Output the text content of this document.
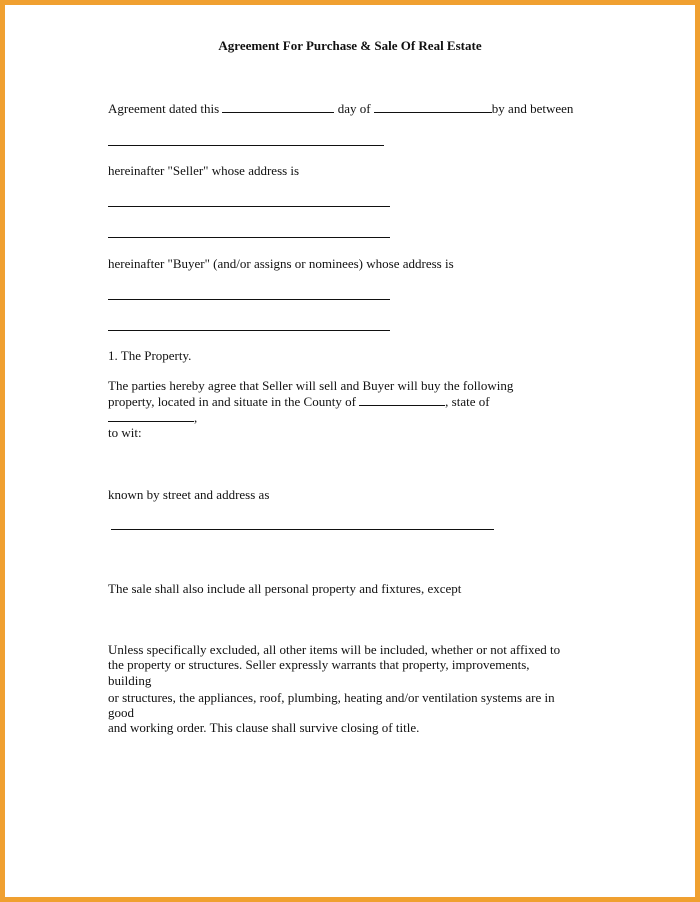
Agreement For Purchase & Sale Of Real Estate
Agreement dated this	day of	by and between
hereinafter "Seller" whose address is
hereinafter "Buyer" (and/or assigns or nominees) whose address is
1. The Property.
The parties hereby agree that Seller will sell and Buyer will buy the following
property, located in and situate in the County of	, state of
,
to wit:
known by street and address as
The sale shall also include all personal property and fixtures, except
Unless specifically excluded, all other items will be included, whether or not affixed to
the property or structures. Seller expressly warrants that property, improvements,
building
or structures, the appliances, roof, plumbing, heating and/or ventilation systems are in
good
and working order. This clause shall survive closing of title.
